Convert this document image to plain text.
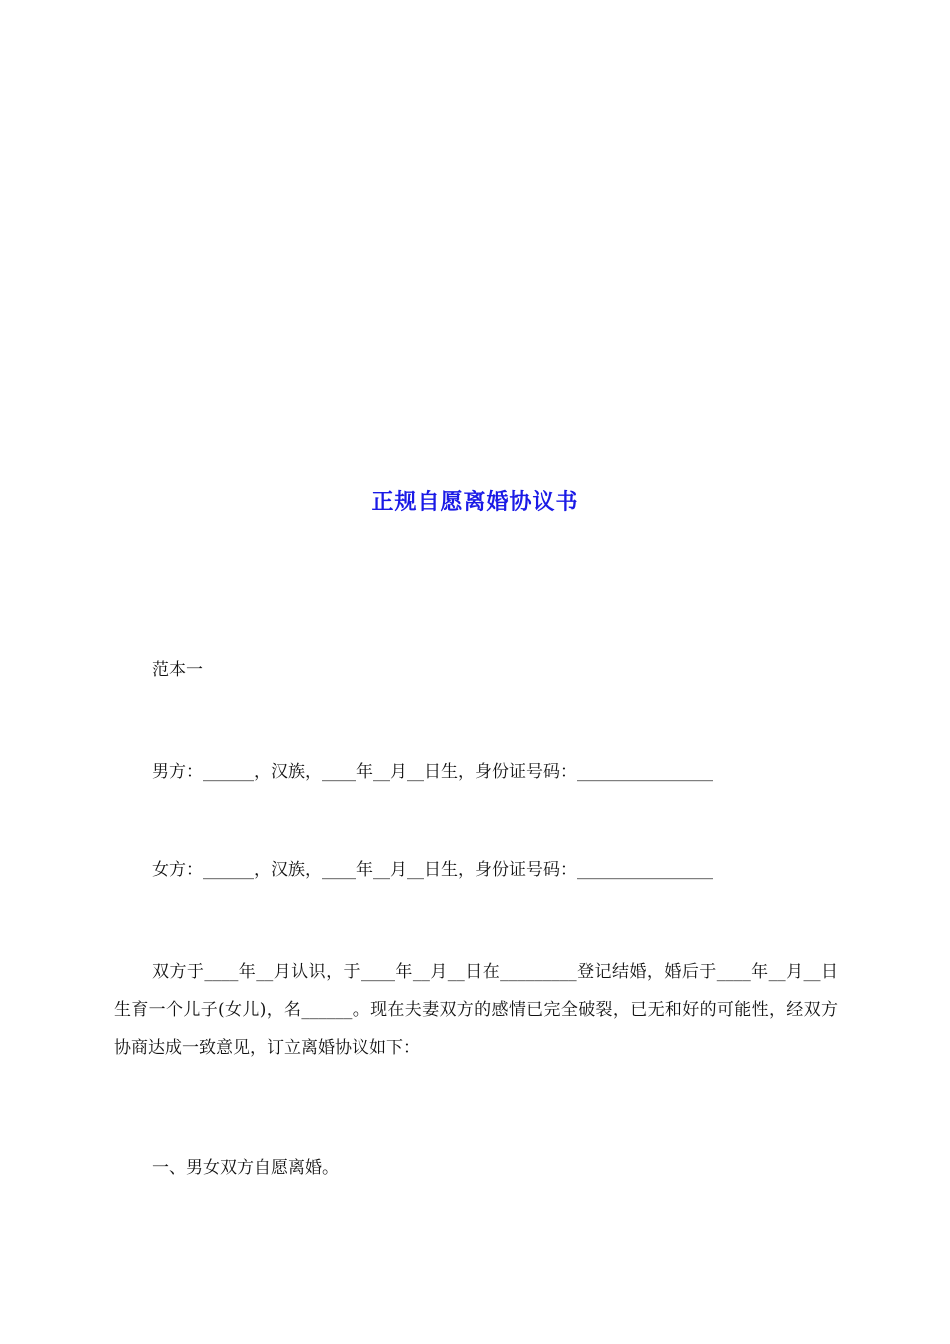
正规自愿离婚协议书
范本一
男方：______，汉族，____年__月__日生，身份证号码：________________
女方：______，汉族，____年__月__日生，身份证号码：________________
双方于____年__月认识，于____年__月__日在_________登记结婚，婚后于____年__月__日生育一个儿子(女儿)，名______。现在夫妻双方的感情已完全破裂，已无和好的可能性，经双方协商达成一致意见，订立离婚协议如下：
一、男女双方自愿离婚。
